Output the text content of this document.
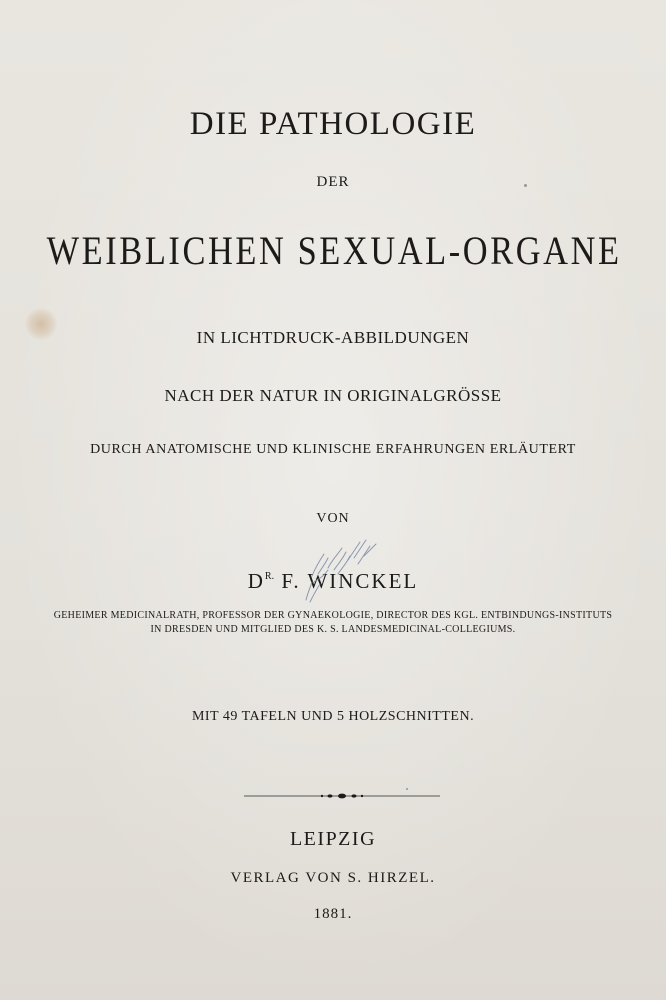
DIE PATHOLOGIE
DER
WEIBLICHEN SEXUAL-ORGANE
IN LICHTDRUCK-ABBILDUNGEN
NACH DER NATUR IN ORIGINALGRÖSSE
DURCH ANATOMISCHE UND KLINISCHE ERFAHRUNGEN ERLÄUTERT
VON
$D^{R.}$ F. WINCKEL
GEHEIMER MEDICINALRATH, PROFESSOR DER GYNAEKOLOGIE, DIRECTOR DES KGL. ENTBINDUNGS-INSTITUTS
IN DRESDEN UND MITGLIED DES K. S. LANDESMEDICINAL-COLLEGIUMS.
MIT 49 TAFELN UND 5 HOLZSCHNITTEN.
LEIPZIG
VERLAG VON S. HIRZEL.
1881.
